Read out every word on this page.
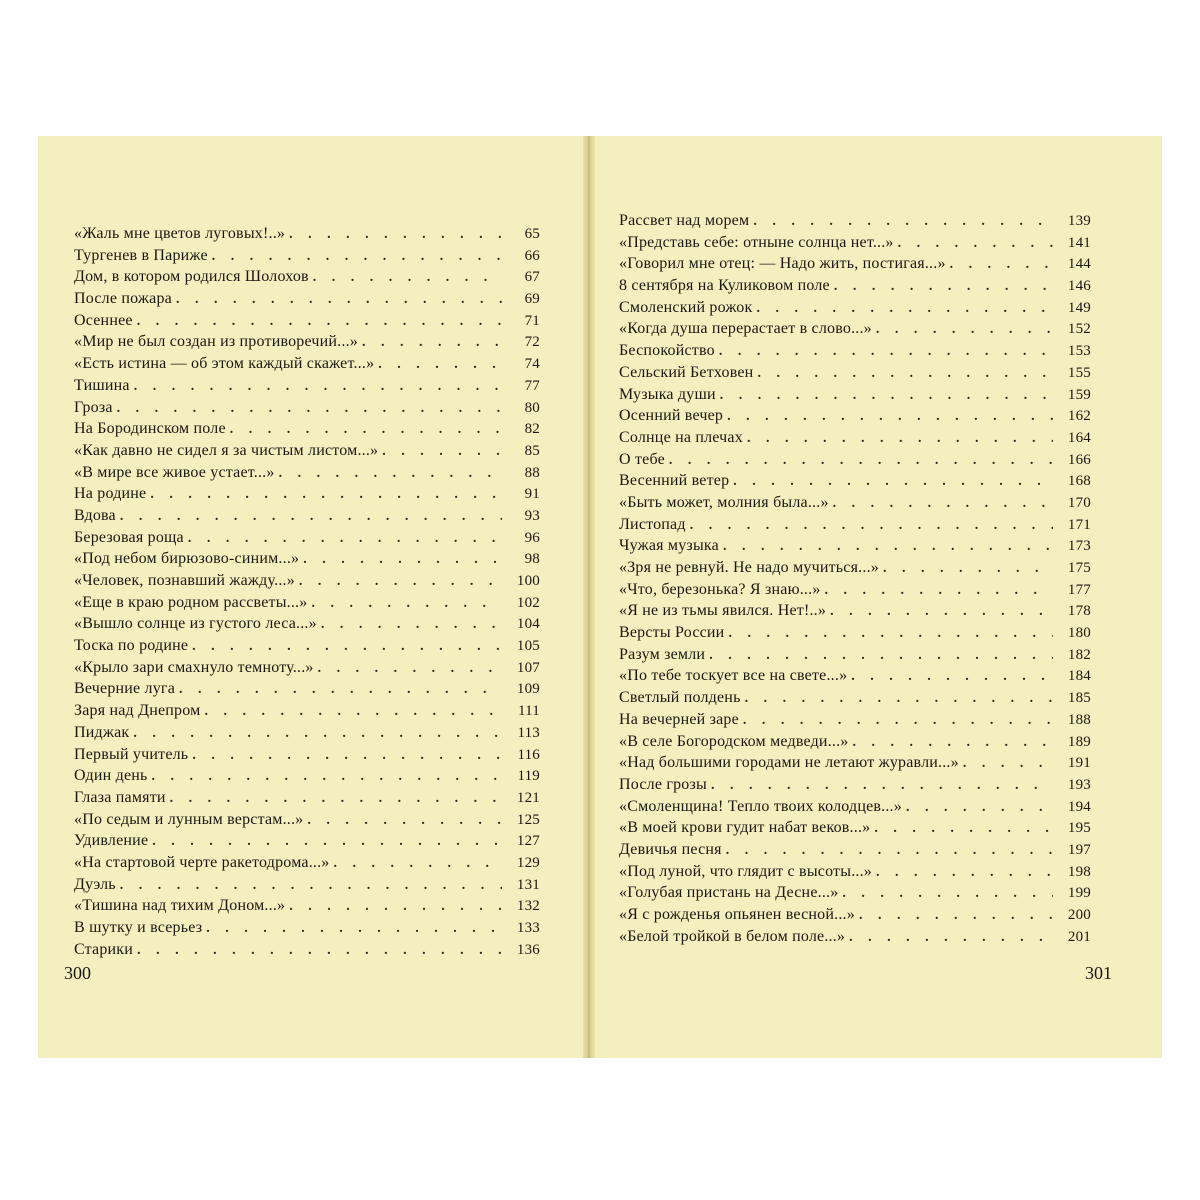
«Жаль мне цветов луговых!..» . . .	65
Тургенев в Париже . . .	66
Дом, в котором родился Шолохов . . .	67
После пожара . . .	69
Осеннее . . .	71
«Мир не был создан из противоречий...» . . .	72
«Есть истина — об этом каждый скажет...» . . .	74
Тишина . . .	77
Гроза . . .	80
На Бородинском поле . . .	82
«Как давно не сидел я за чистым листом...» . . .	85
«В мире все живое устает...» . . .	88
На родине . . .	91
Вдова . . .	93
Березовая роща . . .	96
«Под небом бирюзово-синим...» . . .	98
«Человек, познавший жажду...» . . .	100
«Еще в краю родном рассветы...» . . .	102
«Вышло солнце из густого леса...» . . .	104
Тоска по родине . . .	105
«Крыло зари смахнуло темноту...» . . .	107
Вечерние луга . . .	109
Заря над Днепром . . .	111
Пиджак . . .	113
Первый учитель . . .	116
Один день . . .	119
Глаза памяти . . .	121
«По седым и лунным верстам...» . . .	125
Удивление . . .	127
«На стартовой черте ракетодрома...» . . .	129
Дуэль . . .	131
«Тишина над тихим Доном...» . . .	132
В шутку и всерьез . . .	133
Старики . . .	136
300
Рассвет над морем . . .	139
«Представь себе: отныне солнца нет...» . . .	141
«Говорил мне отец: — Надо жить, постигая...» . . .	144
8 сентября на Куликовом поле . . .	146
Смоленский рожок . . .	149
«Когда душа перерастает в слово...» . . .	152
Беспокойство . . .	153
Сельский Бетховен . . .	155
Музыка души . . .	159
Осенний вечер . . .	162
Солнце на плечах . . .	164
О тебе . . .	166
Весенний ветер . . .	168
«Быть может, молния была...» . . .	170
Листопад . . .	171
Чужая музыка . . .	173
«Зря не ревнуй. Не надо мучиться...» . . .	175
«Что, березонька? Я знаю...» . . .	177
«Я не из тьмы явился. Нет!..» . . .	178
Версты России . . .	180
Разум земли . . .	182
«По тебе тоскует все на свете...» . . .	184
Светлый полдень . . .	185
На вечерней заре . . .	188
«В селе Богородском медведи...» . . .	189
«Над большими городами не летают журавли...» . . .	191
После грозы . . .	193
«Смоленщина! Тепло твоих колодцев...» . . .	194
«В моей крови гудит набат веков...» . . .	195
Девичья песня . . .	197
«Под луной, что глядит с высоты...» . . .	198
«Голубая пристань на Десне...» . . .	199
«Я с рожденья опьянен весной...» . . .	200
«Белой тройкой в белом поле...» . . .	201
301
